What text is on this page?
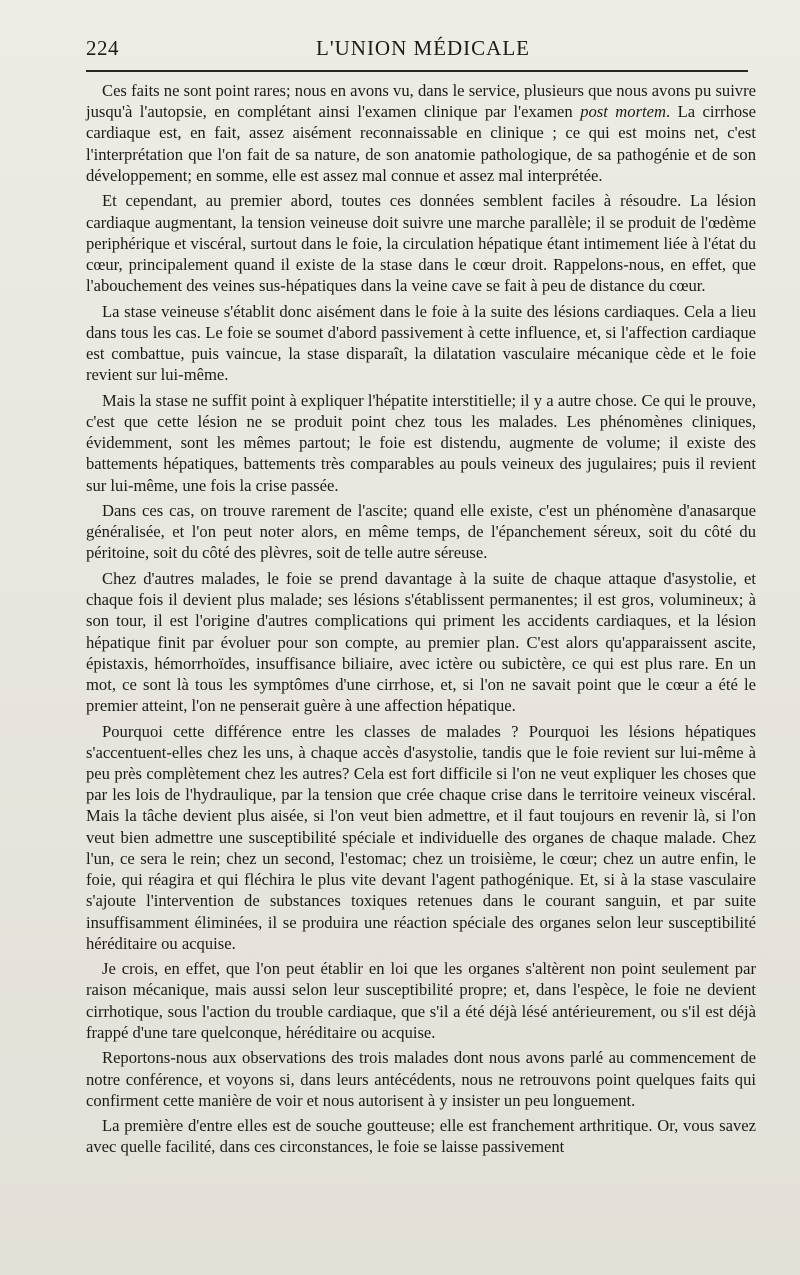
224	L'UNION MÉDICALE

Ces faits ne sont point rares; nous en avons vu, dans le service, plusieurs que nous avons pu suivre jusqu'à l'autopsie, en complétant ainsi l'examen clinique par l'examen post mortem. La cirrhose cardiaque est, en fait, assez aisément reconnaissable en clinique ; ce qui est moins net, c'est l'interprétation que l'on fait de sa nature, de son anatomie pathologique, de sa pathogénie et de son développement; en somme, elle est assez mal connue et assez mal interprétée.

Et cependant, au premier abord, toutes ces données semblent faciles à résoudre. La lésion cardiaque augmentant, la tension veineuse doit suivre une marche parallèle; il se produit de l'œdème periphérique et viscéral, surtout dans le foie, la circulation hépatique étant intimement liée à l'état du cœur, principalement quand il existe de la stase dans le cœur droit. Rappelons-nous, en effet, que l'abouchement des veines sus-hépatiques dans la veine cave se fait à peu de distance du cœur.

La stase veineuse s'établit donc aisément dans le foie à la suite des lésions cardiaques. Cela a lieu dans tous les cas. Le foie se soumet d'abord passivement à cette influence, et, si l'affection cardiaque est combattue, puis vaincue, la stase disparaît, la dilatation vasculaire mécanique cède et le foie revient sur lui-même.

Mais la stase ne suffit point à expliquer l'hépatite interstitielle; il y a autre chose. Ce qui le prouve, c'est que cette lésion ne se produit point chez tous les malades. Les phénomènes cliniques, évidemment, sont les mêmes partout; le foie est distendu, augmente de volume; il existe des battements hépatiques, battements très comparables au pouls veineux des jugulaires; puis il revient sur lui-même, une fois la crise passée.

Dans ces cas, on trouve rarement de l'ascite; quand elle existe, c'est un phénomène d'anasarque généralisée, et l'on peut noter alors, en même temps, de l'épanchement séreux, soit du côté du péritoine, soit du côté des plèvres, soit de telle autre séreuse.

Chez d'autres malades, le foie se prend davantage à la suite de chaque attaque d'asystolie, et chaque fois il devient plus malade; ses lésions s'établissent permanentes; il est gros, volumineux; à son tour, il est l'origine d'autres complications qui priment les accidents cardiaques, et la lésion hépatique finit par évoluer pour son compte, au premier plan. C'est alors qu'apparaissent ascite, épistaxis, hémorrhoïdes, insuffisance biliaire, avec ictère ou subictère, ce qui est plus rare. En un mot, ce sont là tous les symptômes d'une cirrhose, et, si l'on ne savait point que le cœur a été le premier atteint, l'on ne penserait guère à une affection hépatique.

Pourquoi cette différence entre les classes de malades ? Pourquoi les lésions hépatiques s'accentuent-elles chez les uns, à chaque accès d'asystolie, tandis que le foie revient sur lui-même à peu près complètement chez les autres? Cela est fort difficile si l'on ne veut expliquer les choses que par les lois de l'hydraulique, par la tension que crée chaque crise dans le territoire veineux viscéral. Mais la tâche devient plus aisée, si l'on veut bien admettre, et il faut toujours en revenir là, si l'on veut bien admettre une susceptibilité spéciale et individuelle des organes de chaque malade. Chez l'un, ce sera le rein; chez un second, l'estomac; chez un troisième, le cœur; chez un autre enfin, le foie, qui réagira et qui fléchira le plus vite devant l'agent pathogénique. Et, si à la stase vasculaire s'ajoute l'intervention de substances toxiques retenues dans le courant sanguin, et par suite insuffisamment éliminées, il se produira une réaction spéciale des organes selon leur susceptibilité héréditaire ou acquise.

Je crois, en effet, que l'on peut établir en loi que les organes s'altèrent non point seulement par raison mécanique, mais aussi selon leur susceptibilité propre; et, dans l'espèce, le foie ne devient cirrhotique, sous l'action du trouble cardiaque, que s'il a été déjà lésé antérieurement, ou s'il est déjà frappé d'une tare quelconque, héréditaire ou acquise.

Reportons-nous aux observations des trois malades dont nous avons parlé au commencement de notre conférence, et voyons si, dans leurs antécédents, nous ne retrouvons point quelques faits qui confirment cette manière de voir et nous autorisent à y insister un peu longuement.

La première d'entre elles est de souche goutteuse; elle est franchement arthritique. Or, vous savez avec quelle facilité, dans ces circonstances, le foie se laisse passivement
